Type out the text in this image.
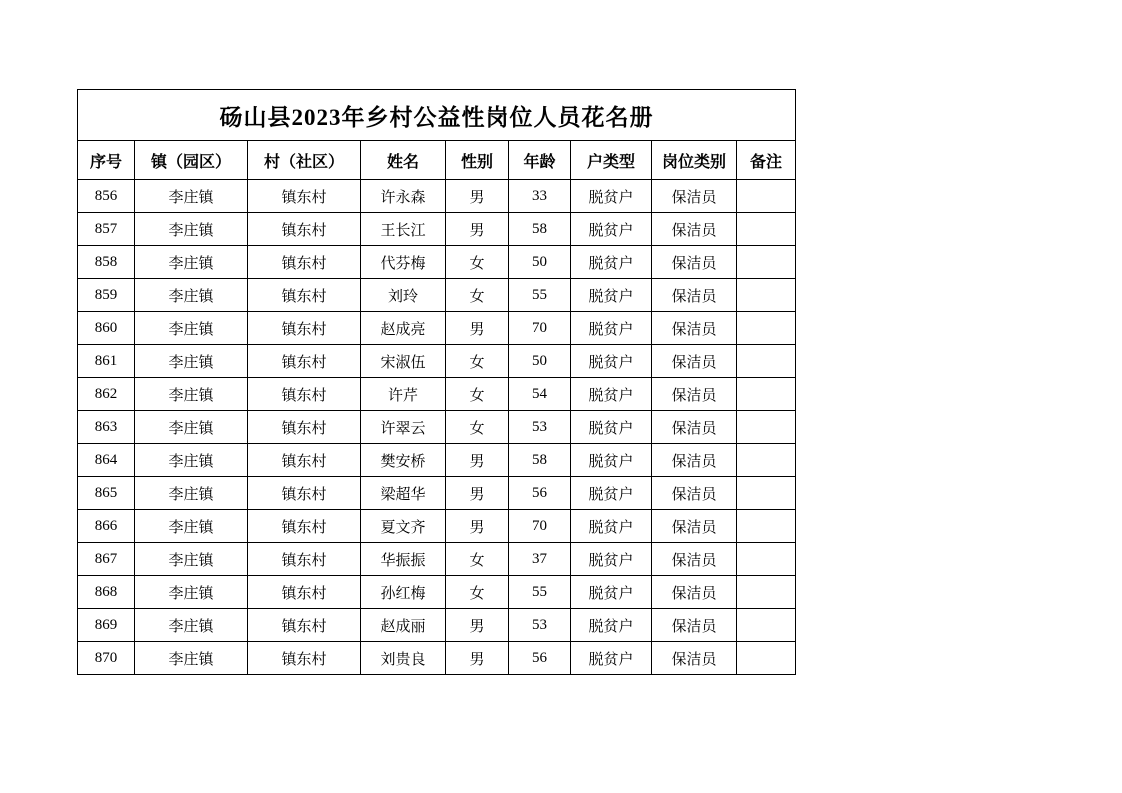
砀山县2023年乡村公益性岗位人员花名册								
序号	镇（园区）	村（社区）	姓名	性别	年龄	户类型	岗位类别	备注
856	李庄镇	镇东村	许永森	男	33	脱贫户	保洁员	
857	李庄镇	镇东村	王长江	男	58	脱贫户	保洁员	
858	李庄镇	镇东村	代芬梅	女	50	脱贫户	保洁员	
859	李庄镇	镇东村	刘玲	女	55	脱贫户	保洁员	
860	李庄镇	镇东村	赵成亮	男	70	脱贫户	保洁员	
861	李庄镇	镇东村	宋淑伍	女	50	脱贫户	保洁员	
862	李庄镇	镇东村	许芹	女	54	脱贫户	保洁员	
863	李庄镇	镇东村	许翠云	女	53	脱贫户	保洁员	
864	李庄镇	镇东村	樊安桥	男	58	脱贫户	保洁员	
865	李庄镇	镇东村	梁超华	男	56	脱贫户	保洁员	
866	李庄镇	镇东村	夏文齐	男	70	脱贫户	保洁员	
867	李庄镇	镇东村	华振振	女	37	脱贫户	保洁员	
868	李庄镇	镇东村	孙红梅	女	55	脱贫户	保洁员	
869	李庄镇	镇东村	赵成丽	男	53	脱贫户	保洁员	
870	李庄镇	镇东村	刘贵良	男	56	脱贫户	保洁员	
